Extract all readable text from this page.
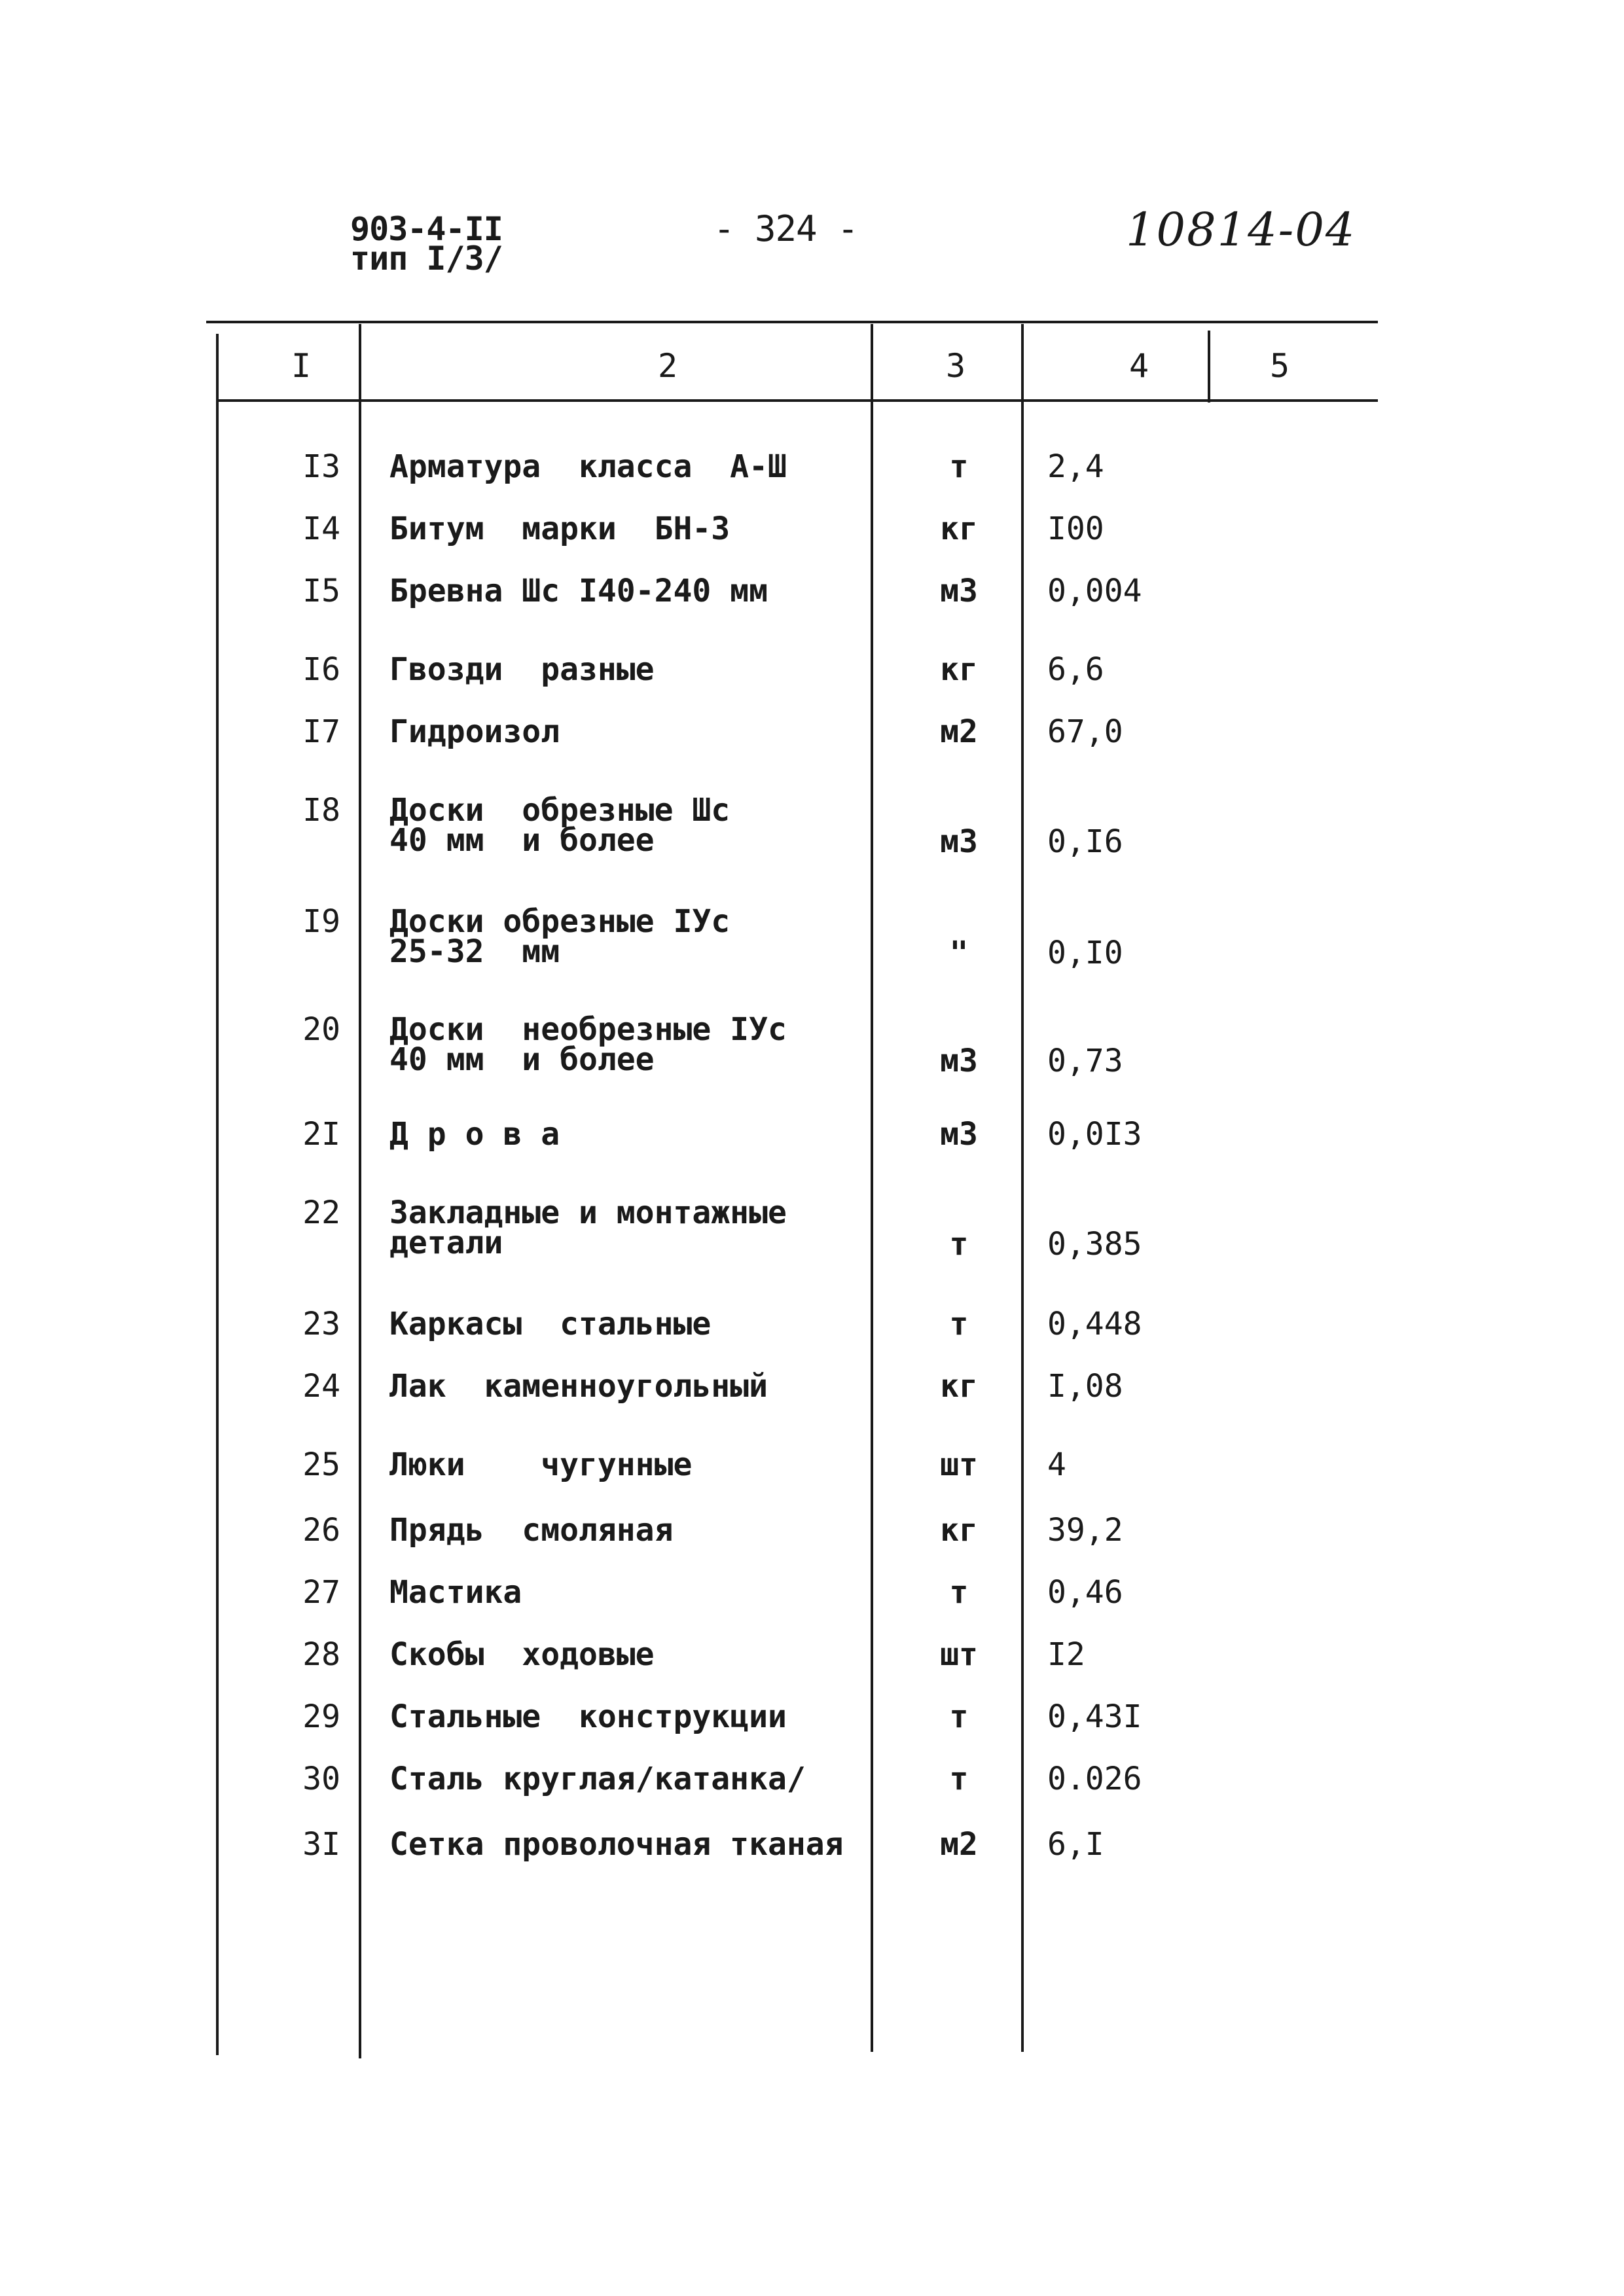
903-4-II
тип I/3/
- 324 -	10814-04
I	2	3	4	5
I3 Арматура  класса  А-Ш	т	2,4
I4 Битум  марки  БН-3	кг	I00
I5 Бревна Шс I40-240 мм	м3	0,004
I6 Гвозди  разные	кг	6,6
I7 Гидроизол	м2	67,0
I8 Доски  обрезные Шс
40 мм  и более	м3	0,I6
I9 Доски обрезные IУс
25-32  мм	"	0,I0
20 Доски  необрезные IУс
40 мм  и более	м3	0,73
2I Д р о в а	м3	0,0I3
22 Закладные и монтажные
детали	т	0,385
23 Каркасы  стальные	т	0,448
24 Лак  каменноугольный	кг	I,08
25 Люки    чугунные	шт	4
26 Прядь  смоляная	кг	39,2
27 Мастика	т	0,46
28 Скобы  ходовые	шт	I2
29 Стальные  конструкции	т	0,43I
30 Сталь круглая/катанка/	т	0.026
3I Сетка проволочная тканая	м2	6,I
